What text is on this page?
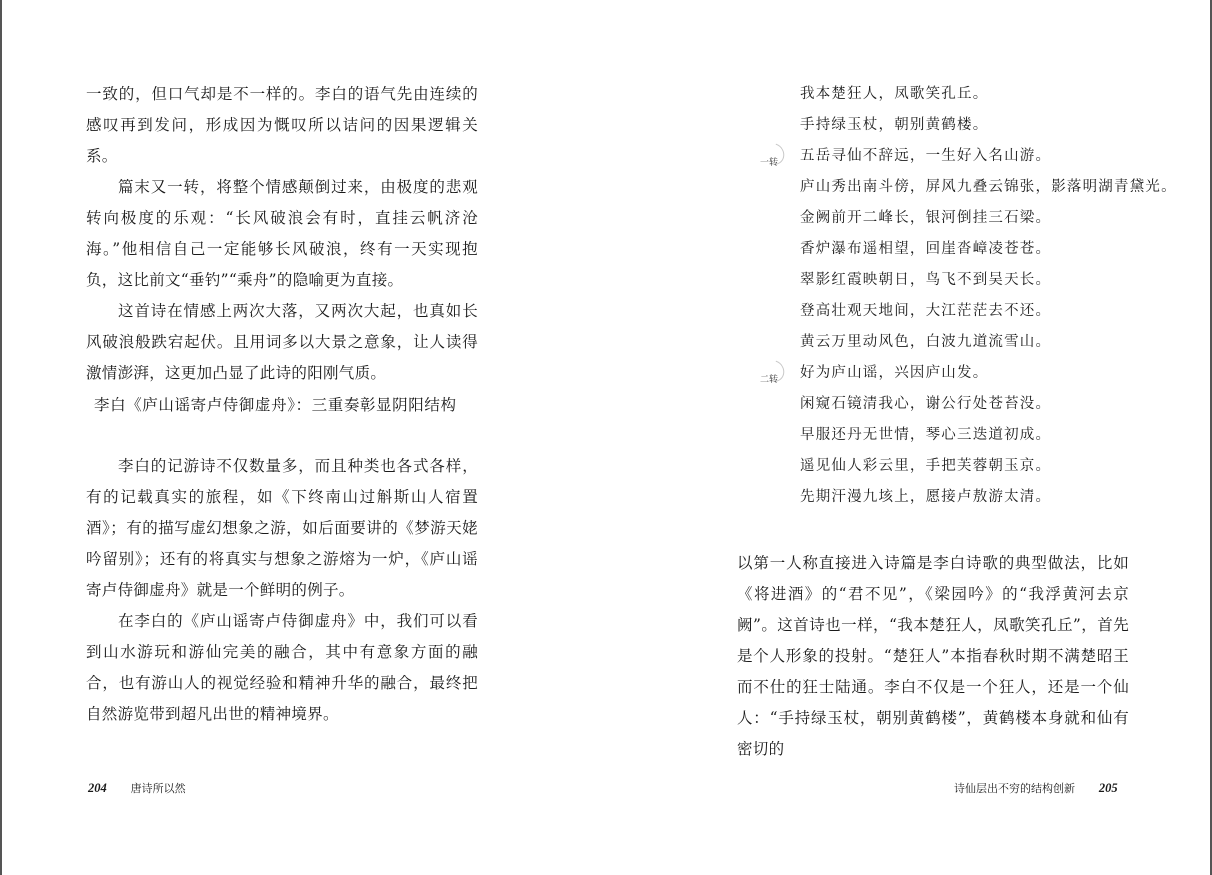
一致的，但口气却是不一样的。李白的语气先由连续的感叹再到发问，形成因为慨叹所以诘问的因果逻辑关系。

篇末又一转，将整个情感颠倒过来，由极度的悲观转向极度的乐观：“长风破浪会有时，直挂云帆济沧海。”他相信自己一定能够长风破浪，终有一天实现抱负，这比前文“垂钓”“乘舟”的隐喻更为直接。

这首诗在情感上两次大落，又两次大起，也真如长风破浪般跌宕起伏。且用词多以大景之意象，让人读得激情澎湃，这更加凸显了此诗的阳刚气质。

李白《庐山谣寄卢侍御虚舟》：三重奏彰显阴阳结构

李白的记游诗不仅数量多，而且种类也各式各样，有的记载真实的旅程，如《下终南山过斛斯山人宿置酒》；有的描写虚幻想象之游，如后面要讲的《梦游天姥吟留别》；还有的将真实与想象之游熔为一炉，《庐山谣寄卢侍御虚舟》就是一个鲜明的例子。

在李白的《庐山谣寄卢侍御虚舟》中，我们可以看到山水游玩和游仙完美的融合，其中有意象方面的融合，也有游山人的视觉经验和精神升华的融合，最终把自然游览带到超凡出世的精神境界。

204 唐诗所以然
我本楚狂人，凤歌笑孔丘。
手持绿玉杖，朝别黄鹤楼。
一转 五岳寻仙不辞远，一生好入名山游。
庐山秀出南斗傍，屏风九叠云锦张，影落明湖青黛光。
金阙前开二峰长，银河倒挂三石梁。
香炉瀑布遥相望，回崖沓嶂凌苍苍。
翠影红霞映朝日，鸟飞不到吴天长。
登高壮观天地间，大江茫茫去不还。
黄云万里动风色，白波九道流雪山。
二转 好为庐山谣，兴因庐山发。
闲窥石镜清我心，谢公行处苍苔没。
早服还丹无世情，琴心三迭道初成。
遥见仙人彩云里，手把芙蓉朝玉京。
先期汗漫九垓上，愿接卢敖游太清。

以第一人称直接进入诗篇是李白诗歌的典型做法，比如《将进酒》的“君不见”，《梁园吟》的“我浮黄河去京阙”。这首诗也一样，“我本楚狂人，凤歌笑孔丘”，首先是个人形象的投射。“楚狂人”本指春秋时期不满楚昭王而不仕的狂士陆通。李白不仅是一个狂人，还是一个仙人：“手持绿玉杖，朝别黄鹤楼”，黄鹤楼本身就和仙有密切的

诗仙层出不穷的结构创新 205
